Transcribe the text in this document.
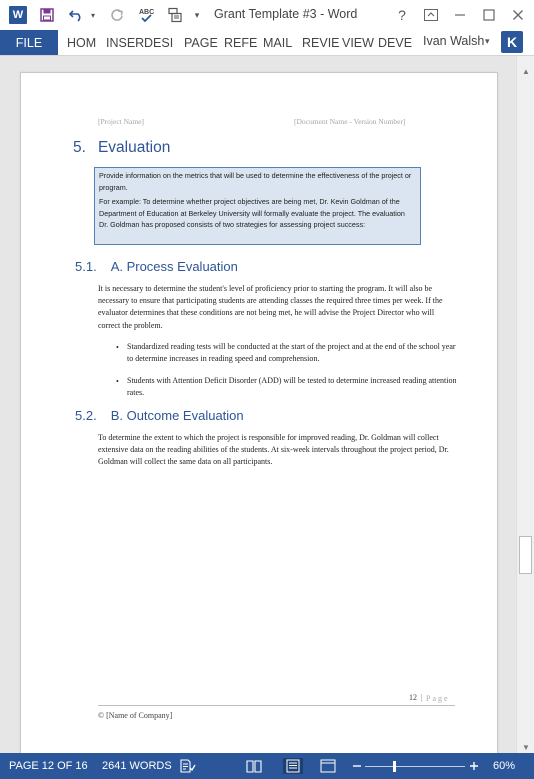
W	▾	ABC	▾	Grant Template #3 - Word	?
FILE	HOM INSER DESI PAGE REFE MAIL REVIE VIEW DEVE Ivan Walsh ▾	K
[Project Name]	[Document Name - Version Number]
5. Evaluation

Provide information on the metrics that will be used to determine the effectiveness of the project or program.

For example: To determine whether project objectives are being met, Dr. Kevin Goldman of the Department of Education at Berkeley University will formally evaluate the project. The evaluation Dr. Goldman has proposed consists of two strategies for assessing project success:

5.1. A. Process Evaluation

It is necessary to determine the student's level of proficiency prior to starting the program. It will also be necessary to ensure that participating students are attending classes the required three times per week. If the evaluator determines that these conditions are not being met, he will advise the Project Director who will correct the problem.

• Standardized reading tests will be conducted at the start of the project and at the end of the school year to determine increases in reading speed and comprehension.
• Students with Attention Deficit Disorder (ADD) will be tested to determine increased reading attention rates.
5.2. B. Outcome Evaluation

To determine the extent to which the project is responsible for improved reading, Dr. Goldman will collect extensive data on the reading abilities of the students. At six-week intervals throughout the project period, Dr. Goldman will collect the same data on all participants.

12 | Page
© [Name of Company]
▲
▼
PAGE 12 OF 16 2641 WORDS	60%
